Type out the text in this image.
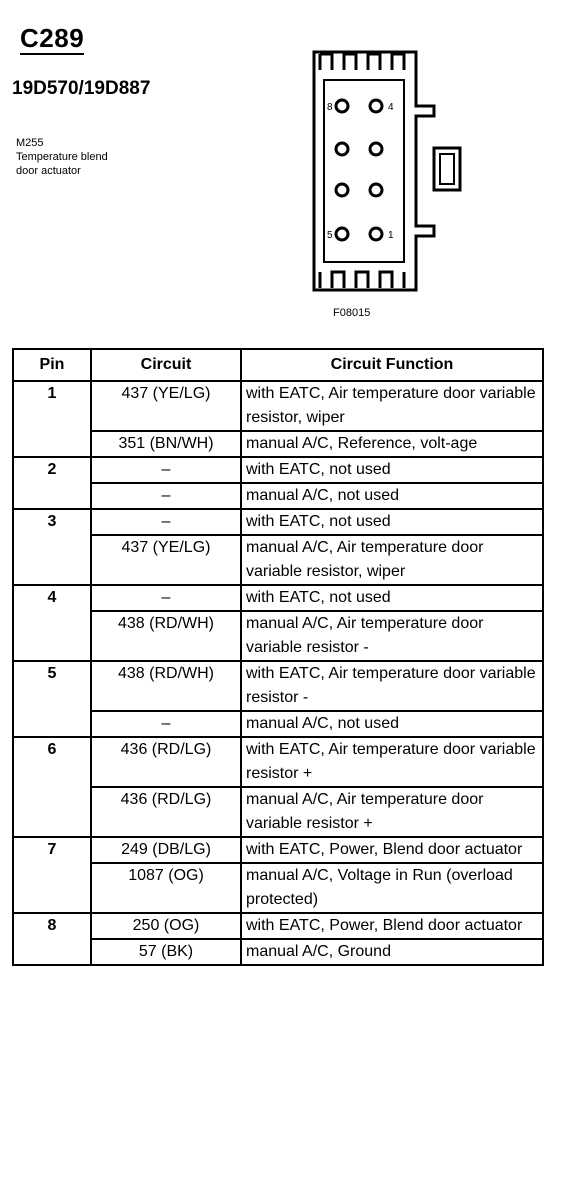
C289
19D570/19D887
M255
Temperature blend
door actuator
8	4
5	1
F08015
Pin	Circuit	Circuit Function
1	437 (YE/LG)	with EATC, Air temperature door variable resistor, wiper
	351 (BN/WH)	manual A/C, Reference, volt-age
2	–	with EATC, not used
	–	manual A/C, not used
3	–	with EATC, not used
	437 (YE/LG)	manual A/C, Air temperature door variable resistor, wiper
4	–	with EATC, not used
	438 (RD/WH)	manual A/C, Air temperature door variable resistor -
5	438 (RD/WH)	with EATC, Air temperature door variable resistor -
	–	manual A/C, not used
6	436 (RD/LG)	with EATC, Air temperature door variable resistor +
	436 (RD/LG)	manual A/C, Air temperature door variable resistor +
7	249 (DB/LG)	with EATC, Power, Blend door actuator
	1087 (OG)	manual A/C, Voltage in Run (overload protected)
8	250 (OG)	with EATC, Power, Blend door actuator
	57 (BK)	manual A/C, Ground
